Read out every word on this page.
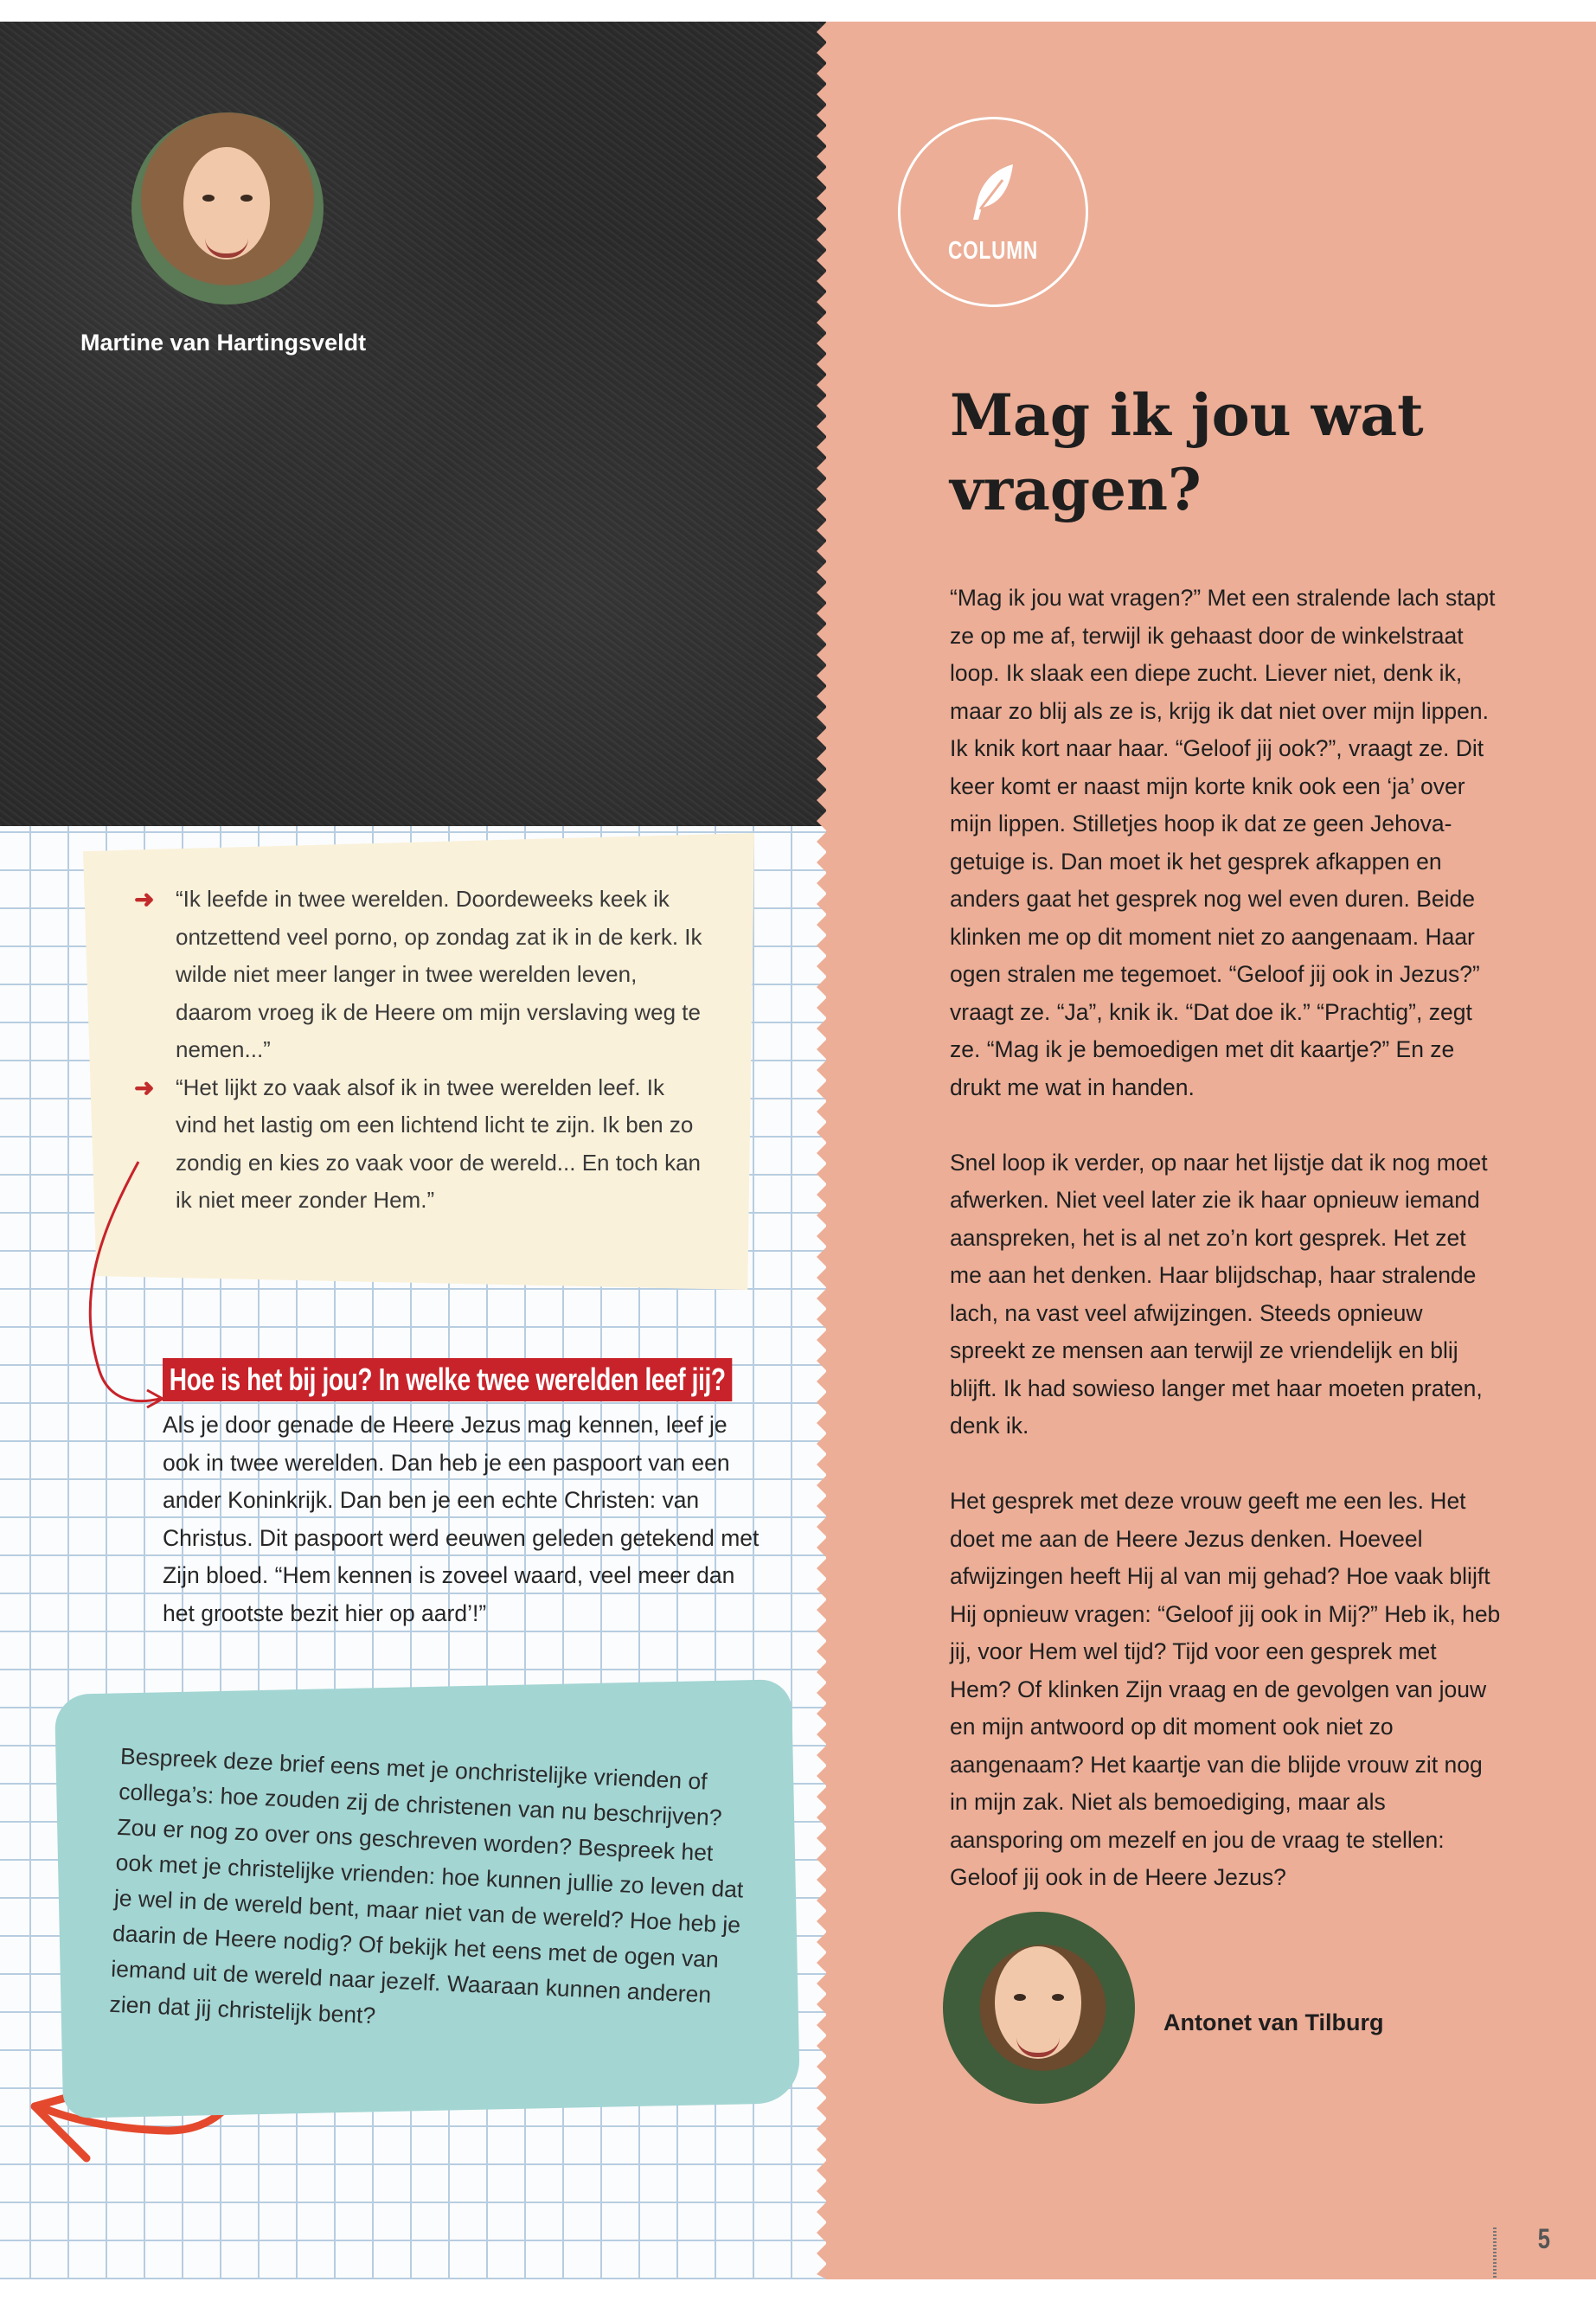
Martine van Hartingsveldt
COLUMN
Mag ik jou wat
vragen?

“Mag ik jou wat vragen?” Met een stralende lach stapt ze op me af, terwijl ik gehaast door de winkelstraat loop. Ik slaak een diepe zucht. Liever niet, denk ik, maar zo blij als ze is, krijg ik dat niet over mijn lippen. Ik knik kort naar haar. “Geloof jij ook?”, vraagt ze. Dit keer komt er naast mijn korte knik ook een ‘ja’ over mijn lippen. Stilletjes hoop ik dat ze geen Jehova-getuige is. Dan moet ik het gesprek afkappen en anders gaat het gesprek nog wel even duren. Beide klinken me op dit moment niet zo aangenaam. Haar ogen stralen me tegemoet. “Geloof jij ook in Jezus?” vraagt ze. “Ja”, knik ik. “Dat doe ik.” “Prachtig”, zegt ze. “Mag ik je bemoedigen met dit kaartje?” En ze drukt me wat in handen.

Snel loop ik verder, op naar het lijstje dat ik nog moet afwerken. Niet veel later zie ik haar opnieuw iemand aanspreken, het is al net zo’n kort gesprek. Het zet me aan het denken. Haar blijdschap, haar stralende lach, na vast veel afwijzingen. Steeds opnieuw spreekt ze mensen aan terwijl ze vriendelijk en blij blijft. Ik had sowieso langer met haar moeten praten, denk ik.

Het gesprek met deze vrouw geeft me een les. Het doet me aan de Heere Jezus denken. Hoeveel afwijzingen heeft Hij al van mij gehad? Hoe vaak blijft Hij opnieuw vragen: “Geloof jij ook in Mij?” Heb ik, heb jij, voor Hem wel tijd? Tijd voor een gesprek met Hem? Of klinken Zijn vraag en de gevolgen van jouw en mijn antwoord op dit moment ook niet zo aangenaam? Het kaartje van die blijde vrouw zit nog in mijn zak. Niet als bemoediging, maar als aansporing om mezelf en jou de vraag te stellen: Geloof jij ook in de Heere Jezus?

Antonet van Tilburg
➜ “Ik leefde in twee werelden. Doordeweeks keek ik ontzettend veel porno, op zondag zat ik in de kerk. Ik wilde niet meer langer in twee werelden leven, daarom vroeg ik de Heere om mijn verslaving weg te nemen...”
➜ “Het lijkt zo vaak alsof ik in twee werelden leef. Ik vind het lastig om een lichtend licht te zijn. Ik ben zo zondig en kies zo vaak voor de wereld... En toch kan ik niet meer zonder Hem.”
Hoe is het bij jou? In welke twee werelden leef jij?
Als je door genade de Heere Jezus mag kennen, leef je ook in twee werelden. Dan heb je een paspoort van een ander Koninkrijk. Dan ben je een echte Christen: van Christus. Dit paspoort werd eeuwen geleden getekend met Zijn bloed. “Hem kennen is zoveel waard, veel meer dan het grootste bezit hier op aard’!”
Bespreek deze brief eens met je onchristelijke vrienden of collega’s: hoe zouden zij de christenen van nu beschrijven? Zou er nog zo over ons geschreven worden? Bespreek het ook met je christelijke vrienden: hoe kunnen jullie zo leven dat je wel in de wereld bent, maar niet van de wereld? Hoe heb je daarin de Heere nodig? Of bekijk het eens met de ogen van iemand uit de wereld naar jezelf. Waaraan kunnen anderen zien dat jij christelijk bent?
5
